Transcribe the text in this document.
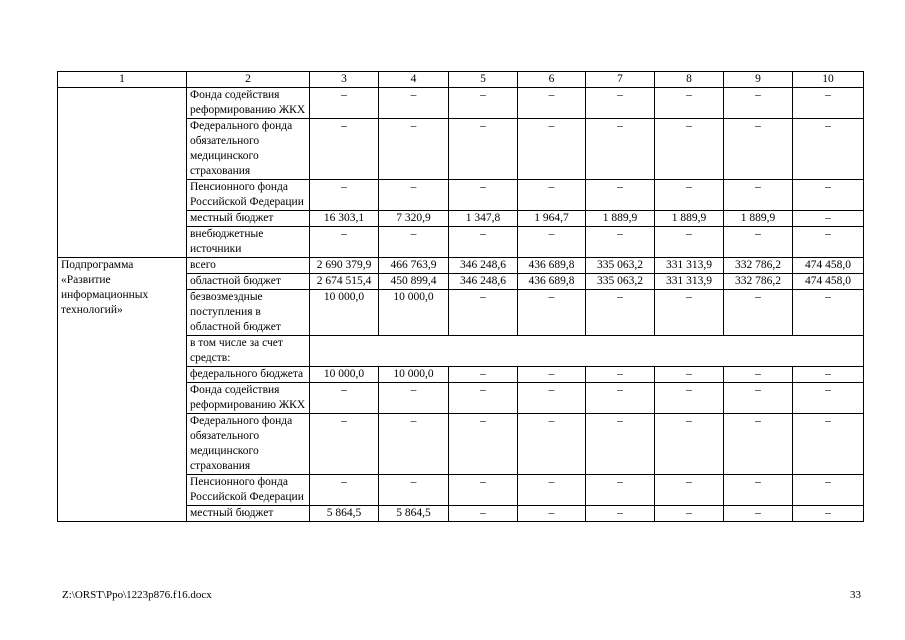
1	2	3	4	5	6	7	8	9	10
	Фонда содействия реформированию ЖКХ	–	–	–	–	–	–	–	–
	Федерального фонда обязательного медицинского страхования	–	–	–	–	–	–	–	–
	Пенсионного фонда Российской Федерации	–	–	–	–	–	–	–	–
	местный бюджет	16 303,1	7 320,9	1 347,8	1 964,7	1 889,9	1 889,9	1 889,9	–
	внебюджетные источники	–	–	–	–	–	–	–	–
Подпрограмма «Развитие информационных технологий»	всего	2 690 379,9	466 763,9	346 248,6	436 689,8	335 063,2	331 313,9	332 786,2	474 458,0
	областной бюджет	2 674 515,4	450 899,4	346 248,6	436 689,8	335 063,2	331 313,9	332 786,2	474 458,0
	безвозмездные поступления в областной бюджет	10 000,0	10 000,0	–	–	–	–	–	–
	в том числе за счет средств:								
	федерального бюджета	10 000,0	10 000,0	–	–	–	–	–	–
	Фонда содействия реформированию ЖКХ	–	–	–	–	–	–	–	–
	Федерального фонда обязательного медицинского страхования	–	–	–	–	–	–	–	–
	Пенсионного фонда Российской Федерации	–	–	–	–	–	–	–	–
	местный бюджет	5 864,5	5 864,5	–	–	–	–	–	–
Z:\ORST\Ppo\1223p876.f16.docx	33
